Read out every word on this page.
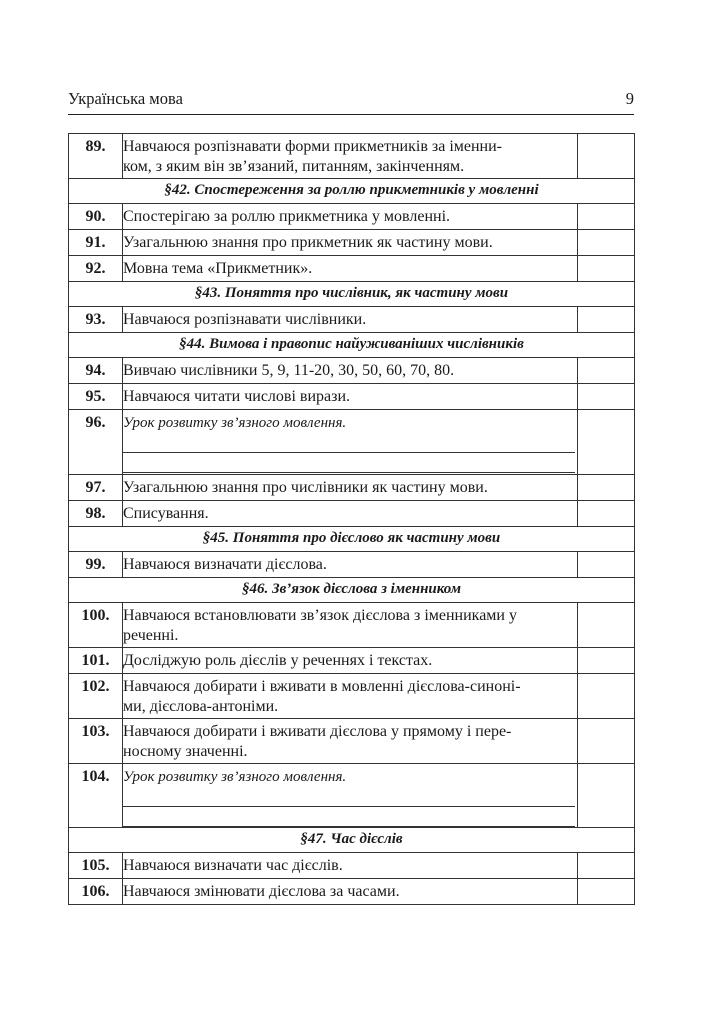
Українська мова	9
89.	Навчаюся розпізнавати форми прикметників за іменни-
ком, з яким він зв’язаний, питанням, закінченням.	

§42. Спостереження за роллю прикметників у мовленні		
90.	Спостерігаю за роллю прикметника у мовленні.	

91.	Узагальнюю знання про прикметник як частину мови.	

92.	Мовна тема «Прикметник».	

§43. Поняття про числівник, як частину мови		
93.	Навчаюся розпізнавати числівники.	

§44. Вимова і правопис найуживаніших числівників		
94.	Вивчаю числівники 5, 9, 11-20, 30, 50, 60, 70, 80.	

95.	Навчаюся читати числові вирази.	

96.	Урок розвитку зв’язного мовлення.	

97.	Узагальнюю знання про числівники як частину мови.	

98.	Списування.	

§45. Поняття про дієслово як частину мови		
99.	Навчаюся визначати дієслова.	

§46. Зв’язок дієслова з іменником		
100.	Навчаюся встановлювати зв’язок дієслова з іменниками у
реченні.	

101.	Досліджую роль дієслів у реченнях і текстах.	

102.	Навчаюся добирати і вживати в мовленні дієслова-синоні-
ми, дієслова-антоніми.	

103.	Навчаюся добирати і вживати дієслова у прямому і пере-
носному значенні.	

104.	Урок розвитку зв’язного мовлення.	

§47. Час дієслів		
105.	Навчаюся визначати час дієслів.	

106.	Навчаюся змінювати дієслова за часами.	
